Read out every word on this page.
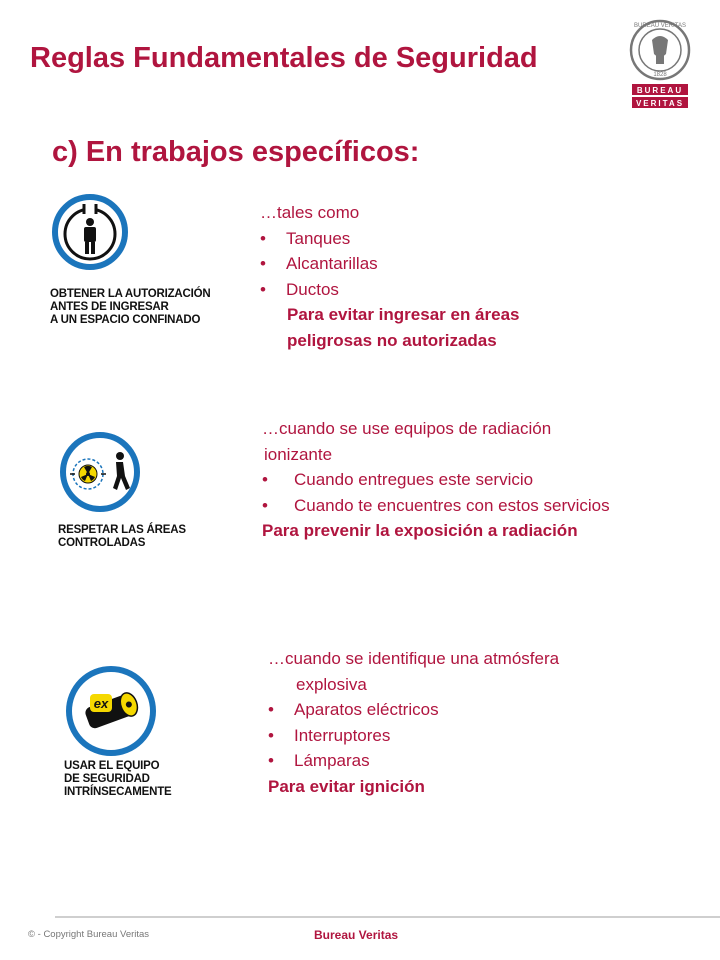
Reglas Fundamentales de Seguridad
BUREAU VERITAS
1828
BUREAU
VERITAS
c) En trabajos específicos:
OBTENER LA AUTORIZACIÓN
ANTES DE INGRESAR
A UN ESPACIO CONFINADO
…tales como
• Tanques
• Alcantarillas
• Ductos
Para evitar ingresar en áreas
peligrosas no autorizadas
RESPETAR LAS ÁREAS
CONTROLADAS
…cuando se use equipos de radiación
ionizante
• Cuando entregues este servicio
• Cuando te encuentres con estos servicios
Para prevenir la exposición a radiación
ex
USAR EL EQUIPO
DE SEGURIDAD
INTRÍNSECAMENTE
…cuando se identifique una atmósfera
explosiva
• Aparatos eléctricos
• Interruptores
• Lámparas
Para evitar ignición
© - Copyright Bureau Veritas	Bureau Veritas
